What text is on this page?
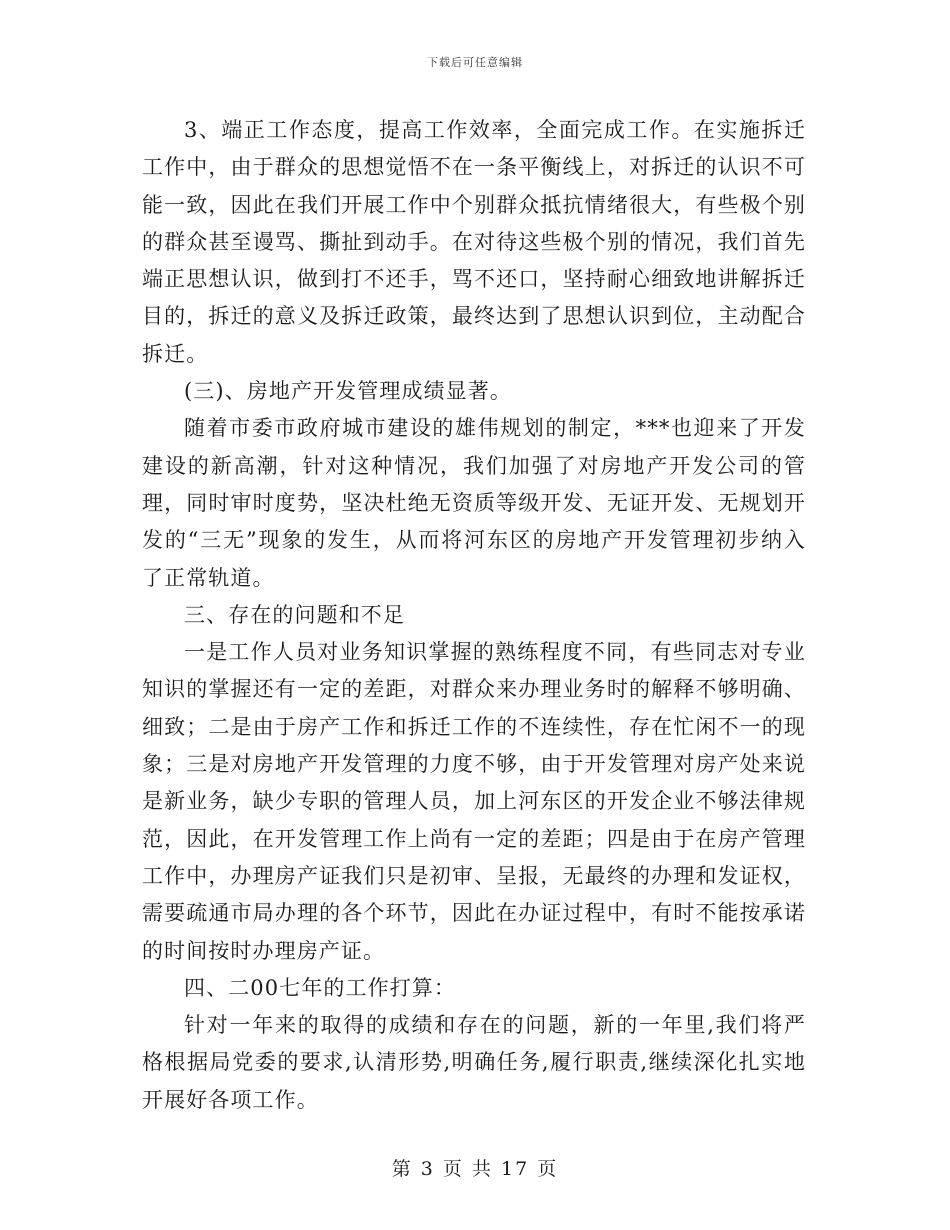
下载后可任意编辑

3、端正工作态度，提高工作效率，全面完成工作。在实施拆迁工作中，由于群众的思想觉悟不在一条平衡线上，对拆迁的认识不可能一致，因此在我们开展工作中个别群众抵抗情绪很大，有些极个别的群众甚至谩骂、撕扯到动手。在对待这些极个别的情况，我们首先端正思想认识，做到打不还手，骂不还口，坚持耐心细致地讲解拆迁目的，拆迁的意义及拆迁政策，最终达到了思想认识到位，主动配合拆迁。

(三)、房地产开发管理成绩显著。

随着市委市政府城市建设的雄伟规划的制定，***也迎来了开发建设的新高潮，针对这种情况，我们加强了对房地产开发公司的管理，同时审时度势，坚决杜绝无资质等级开发、无证开发、无规划开发的“三无”现象的发生，从而将河东区的房地产开发管理初步纳入了正常轨道。

三、存在的问题和不足

一是工作人员对业务知识掌握的熟练程度不同，有些同志对专业知识的掌握还有一定的差距，对群众来办理业务时的解释不够明确、细致；二是由于房产工作和拆迁工作的不连续性，存在忙闲不一的现象；三是对房地产开发管理的力度不够，由于开发管理对房产处来说是新业务，缺少专职的管理人员，加上河东区的开发企业不够法律规范，因此，在开发管理工作上尚有一定的差距；四是由于在房产管理工作中，办理房产证我们只是初审、呈报，无最终的办理和发证权，需要疏通市局办理的各个环节，因此在办证过程中，有时不能按承诺的时间按时办理房产证。

四、二00七年的工作打算：

针对一年来的取得的成绩和存在的问题，新的一年里,我们将严格根据局党委的要求,认清形势,明确任务,履行职责,继续深化扎实地开展好各项工作。

第 3 页 共 17 页
